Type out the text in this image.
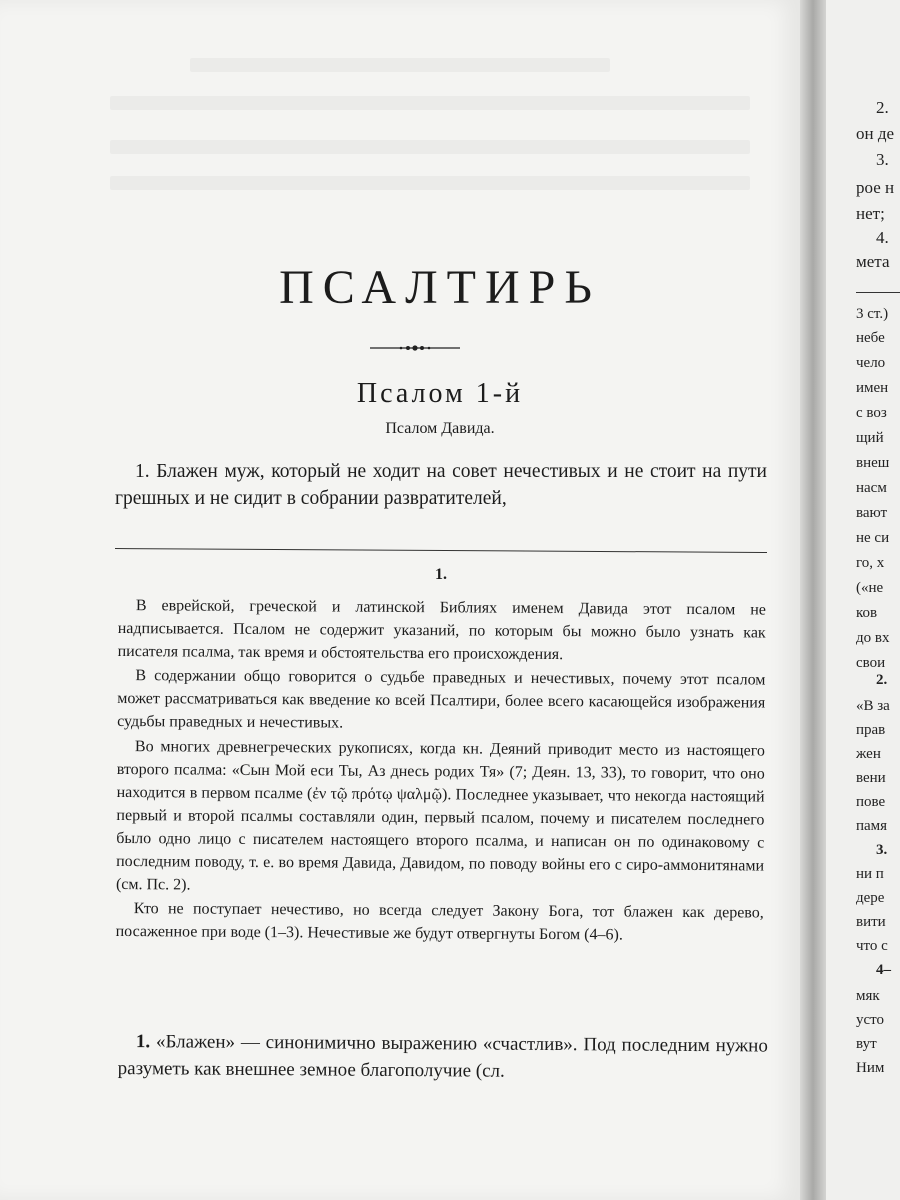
ПСАЛТИРЬ
Псалом 1-й
Псалом Давида.
1. Блажен муж, который не ходит на совет нечестивых и не стоит на пути грешных и не сидит в собрании развратителей,
1.

В еврейской, греческой и латинской Библиях именем Давида этот псалом не надписывается. Псалом не содержит указаний, по которым бы можно было узнать как писателя псалма, так время и обстоятельства его происхождения.

В содержании общо говорится о судьбе праведных и нечестивых, почему этот псалом может рассматриваться как введение ко всей Псалтири, более всего касающейся изображения судьбы праведных и нечестивых.

Во многих древнегреческих рукописях, когда кн. Деяний приводит место из настоящего второго псалма: «Сын Мой еси Ты, Аз днесь родих Тя» (7; Деян. 13, 33), то говорит, что оно находится в первом псалме (ἐν τῷ πρότῳ ψαλμῷ). Последнее указывает, что некогда настоящий первый и второй псалмы составляли один, первый псалом, почему и писателем последнего было одно лицо с писателем настоящего второго псалма, и написан он по одинаковому с последним поводу, т. е. во время Давида, Давидом, по поводу войны его с сиро-аммонитянами (см. Пс. 2).

Кто не поступает нечестиво, но всегда следует Закону Бога, тот блажен как дерево, посаженное при воде (1–3). Нечестивые же будут отвергнуты Богом (4–6).

1. «Блажен» — синонимично выражению «счастлив». Под последним нужно разуметь как внешнее земное благополучие (сл.
2.
он де
3.
рое н
нет;
4.
мета
3 ст.)
небе
чело
имен
с воз
щий
внеш
насм
вают
не си
го, х
(«не
ков
до вх
свои
2.
«В за
прав
жен
вени
пове
памя
3.
ни п
дере
вити
что с
4–
мяк
усто
вут
Ним
